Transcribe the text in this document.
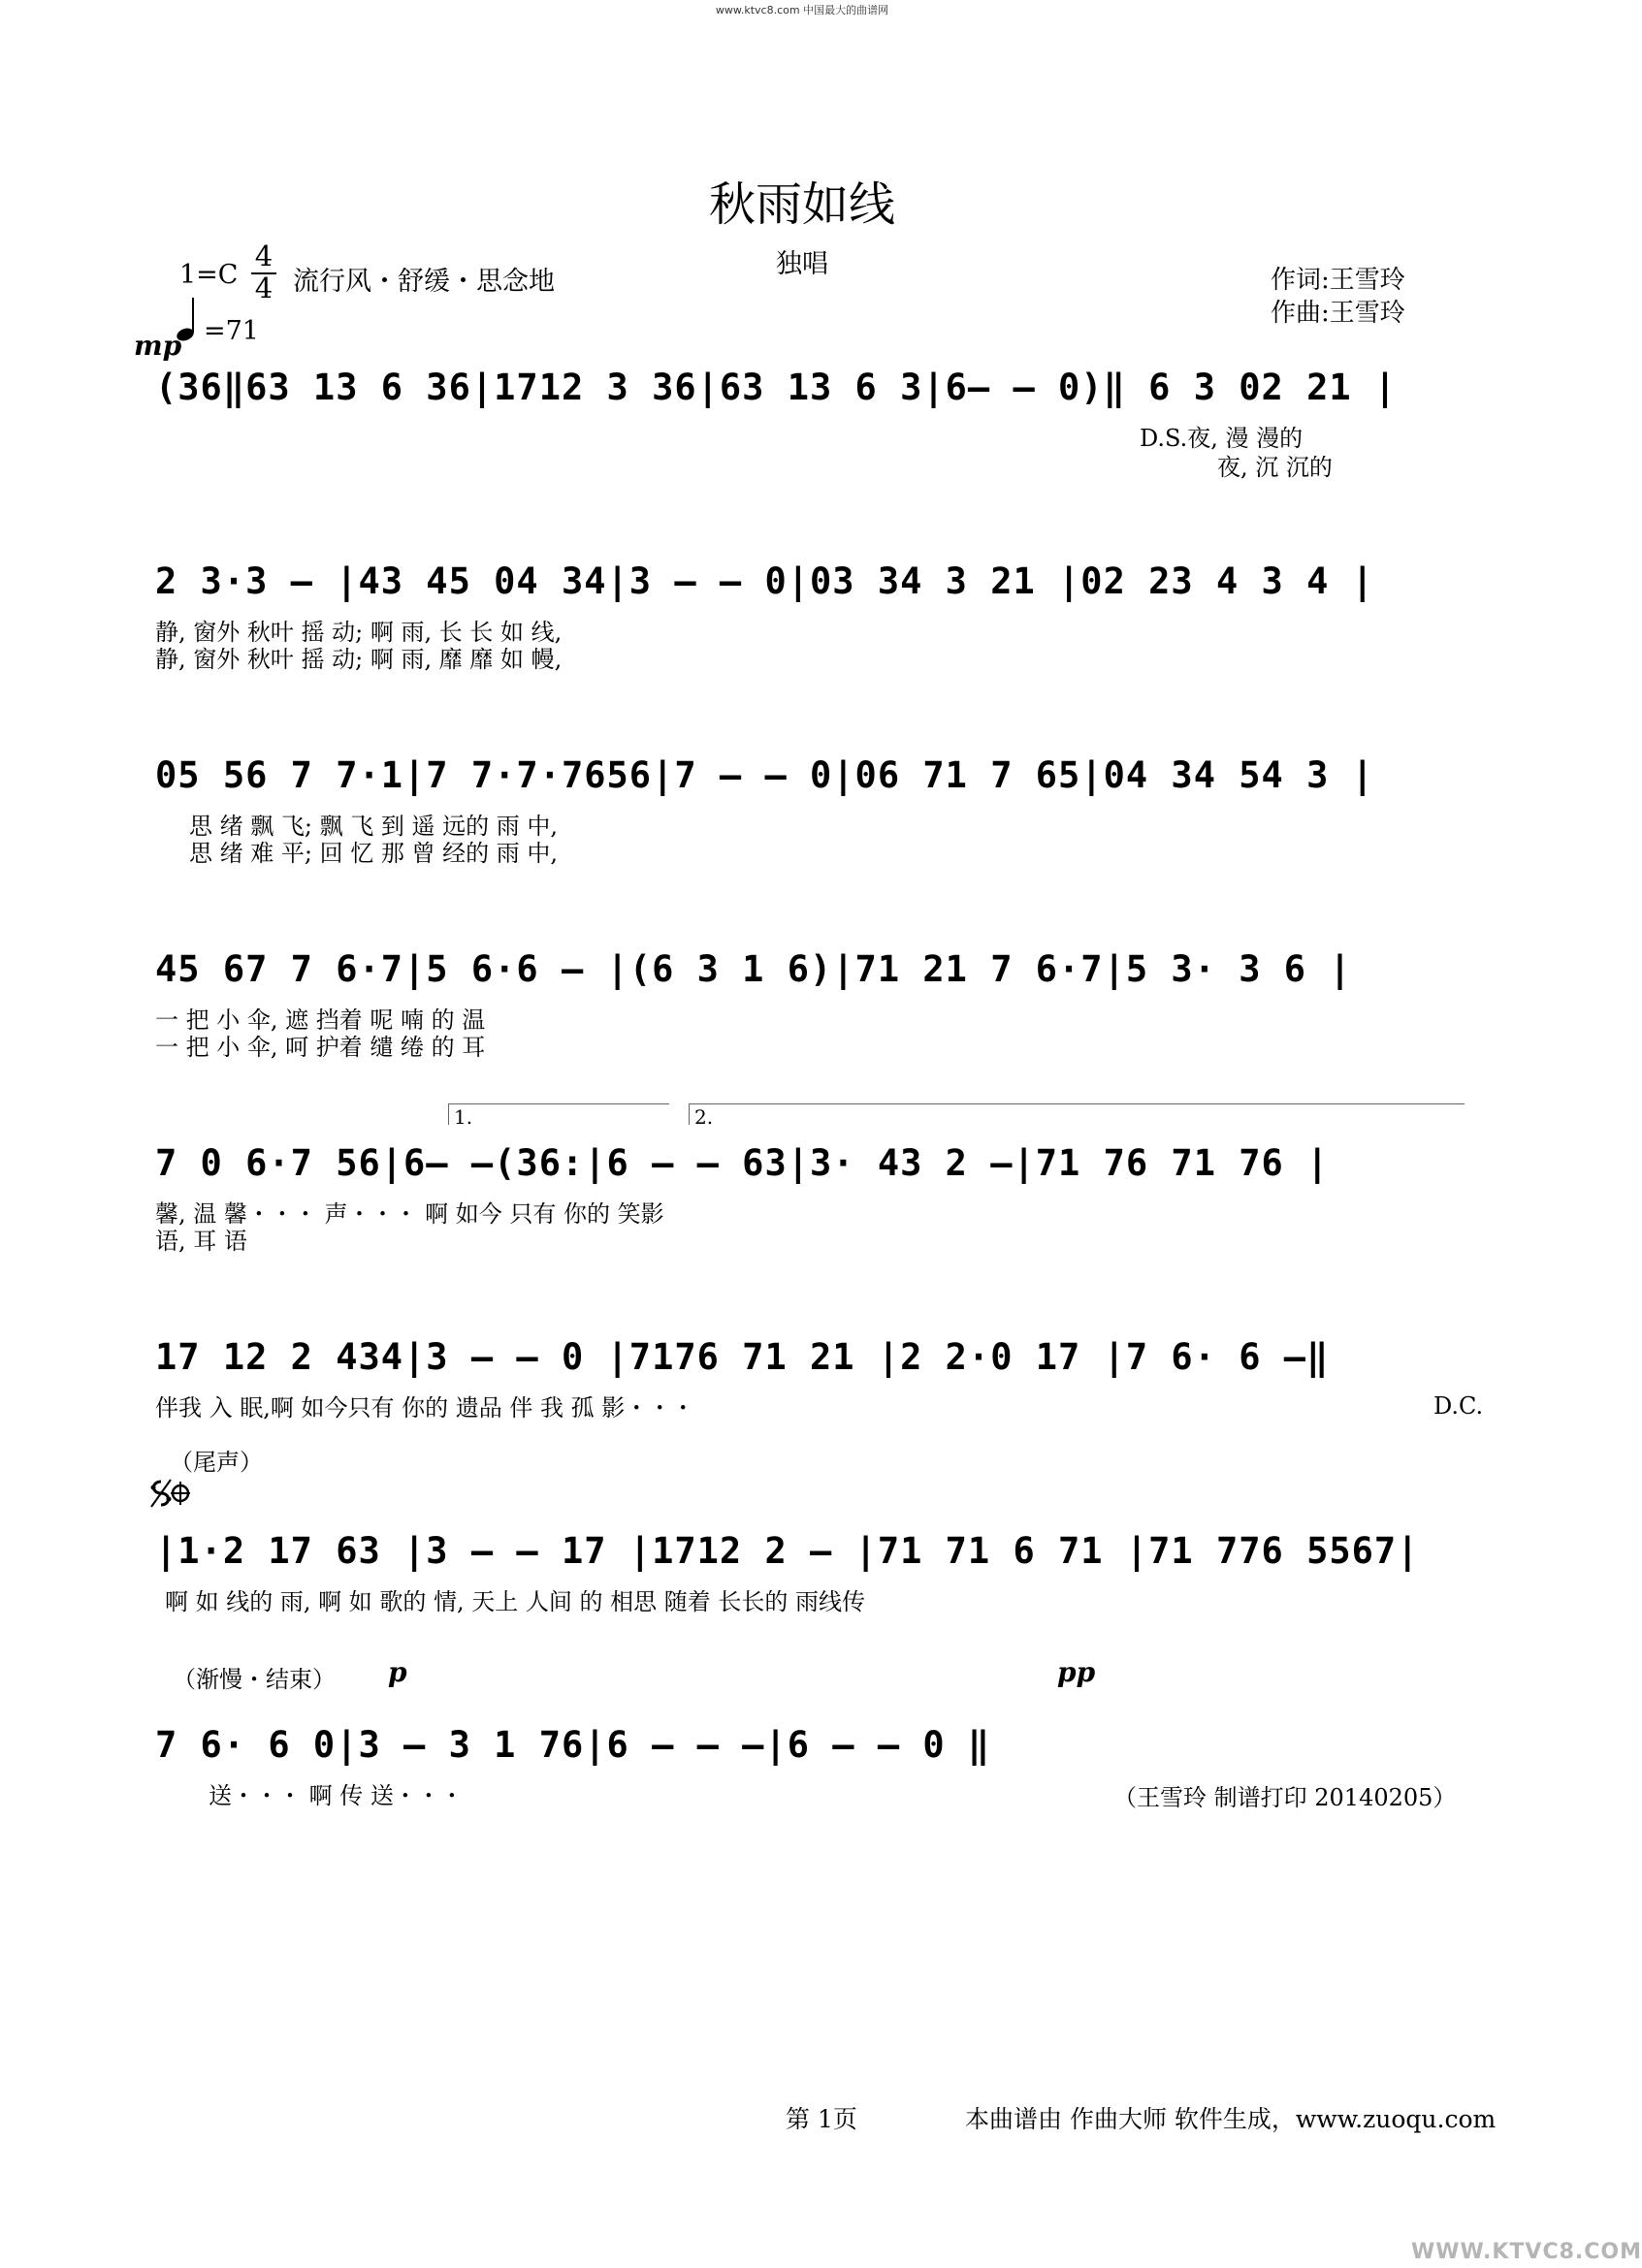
www.ktvc8.com 中国最大的曲谱网
秋雨如线
独唱
1=C
4
4 流行风・舒缓・思念地
=71
作词:王雪玲
作曲:王雪玲
mp
(36‖63 13 6 36|1712 3 36|63 13 6 3|6– – 0)‖ 6 3 02 21 |
D.S.夜, 漫 漫的
夜, 沉 沉的
2 3·3 – |43 45 04 34|3 – – 0|03 34 3 21 |02 23 4 3 4 |
静, 窗外 秋叶 摇 动; 啊 雨, 长 长 如 线,
静, 窗外 秋叶 摇 动; 啊 雨, 靡 靡 如 幔,
05 56 7 7·1|7 7·7·7656|7 – – 0|06 71 7 65|04 34 54 3 |
思 绪 飘 飞; 飘 飞 到 遥 远的 雨 中,
思 绪 难 平; 回 忆 那 曾 经的 雨 中,
45 67 7 6·7|5 6·6 – |(6 3 1 6)|71 21 7 6·7|5 3· 3 6 |
一 把 小 伞, 遮 挡着 呢 喃 的 温
一 把 小 伞, 呵 护着 缱 绻 的 耳
1.	2.
7 0 6·7 56|6– –(36:|6 – – 63|3· 43 2 –|71 76 71 76 |
馨, 温 馨・・・ 声・・・ 啊 如今 只有 你的 笑影
语, 耳 语
17 12 2 434|3 – – 0 |7176 71 21 |2 2·0 17 |7 6· 6 –‖
伴我 入 眠,啊 如今只有 你的 遗品 伴 我 孤 影・・・	D.C.
（尾声）
|1·2 17 63 |3 – – 17 |1712 2 – |71 71 6 71 |71 776 5567|
啊 如 线的 雨, 啊 如 歌的 情, 天上 人间 的 相思 随着 长长的 雨线传
（渐慢・结束） p	pp
7 6· 6 0|3 – 3 1 76|6 – – –|6 – – 0 ‖
送・・・ 啊 传 送・・・	（王雪玲 制谱打印 20140205）
第 1页	本曲谱由 作曲大师 软件生成，www.zuoqu.com
WWW.KTVC8.COM
